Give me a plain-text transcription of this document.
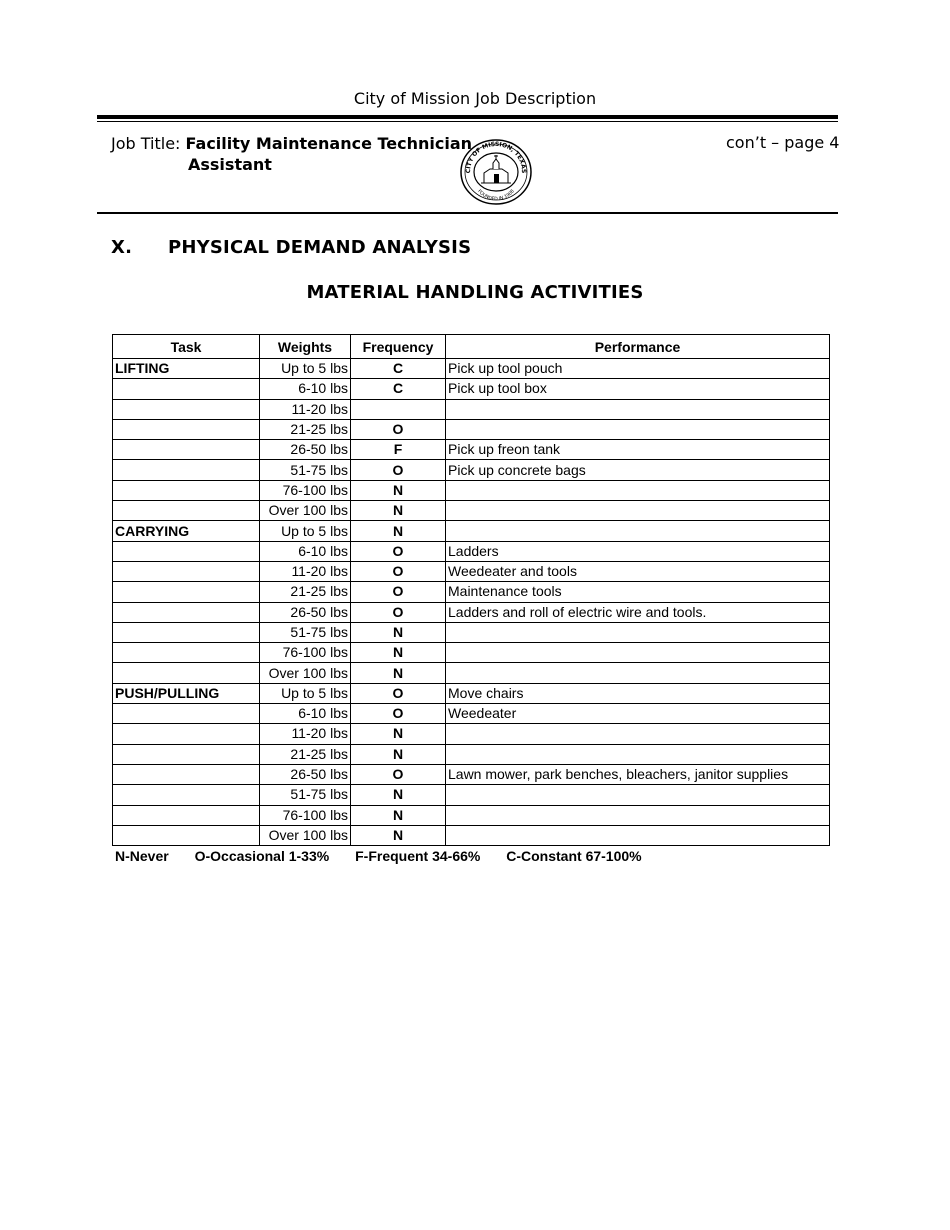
City of Mission Job Description
Job Title: Facility Maintenance Technician
Assistant
con’t – page 4
CITY OF MISSION, TEXAS
FOUNDED IN 1908
X. PHYSICAL DEMAND ANALYSIS
MATERIAL HANDLING ACTIVITIES
Task	Weights	Frequency	Performance
LIFTING	Up to 5 lbs	C	Pick up tool pouch
	6-10 lbs	C	Pick up tool box
	11-20 lbs		
	21-25 lbs	O	
	26-50 lbs	F	Pick up freon tank
	51-75 lbs	O	Pick up concrete bags
	76-100 lbs	N	
	Over 100 lbs	N	
CARRYING	Up to 5 lbs	N	
	6-10 lbs	O	Ladders
	11-20 lbs	O	Weedeater and tools
	21-25 lbs	O	Maintenance tools
	26-50 lbs	O	Ladders and roll of electric wire and tools.
	51-75 lbs	N	
	76-100 lbs	N	
	Over 100 lbs	N	
PUSH/PULLING	Up to 5 lbs	O	Move chairs
	6-10 lbs	O	Weedeater
	11-20 lbs	N	
	21-25 lbs	N	
	26-50 lbs	O	Lawn mower, park benches, bleachers, janitor supplies
	51-75 lbs	N	
	76-100 lbs	N	
	Over 100 lbs	N	
N-Never O-Occasional 1-33% F-Frequent 34-66% C-Constant 67-100%
